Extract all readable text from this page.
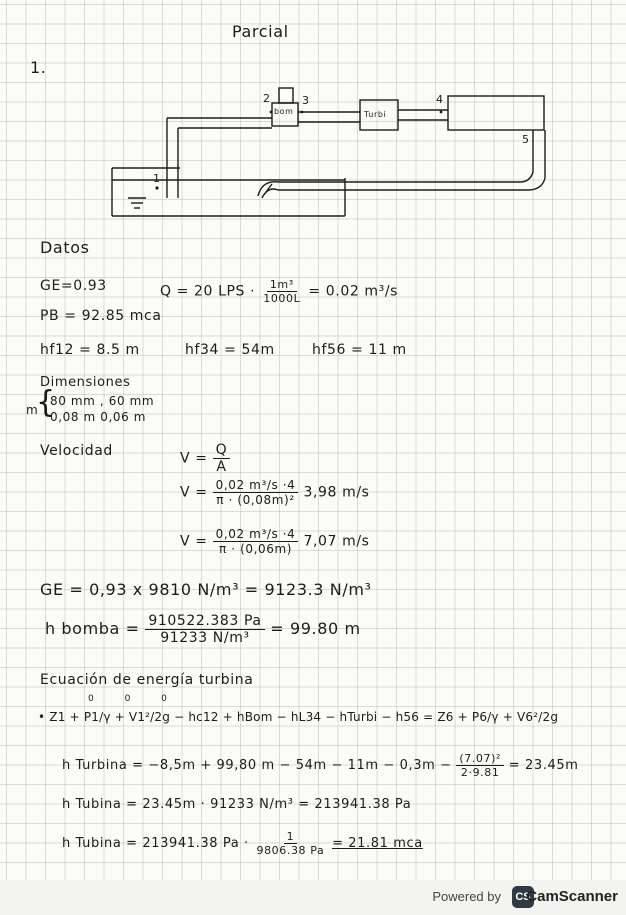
Parcial
1.
1
2	3	4
5
bom	Turbi
Datos
GE=0.93	Q = 20 LPS · $\frac{\text{1m³}}{1000L} = 0.02$ m³/s
PB = 92.85 mca
hf12 = 8.5 m	hf34 = 54m	hf56 = 11 m
Dimensiones
m
{
80 mm , 60 mm
0,08 m 0,06 m
Velocidad	$V = \frac{Q}{A}$
$V = \frac{\text{0,02 m³/s ·4}}{\text{π · (0,08m)²}} 3,98$ m/s
$V = \frac{\text{0,02 m³/s ·4}}{\pi \cdot (0,06m)} 7,07$ m/s
GE = 0,93 x 9810 N/m³ = 9123.3 N/m³
h bomba = $\frac{910522.383 Pa}{\text{91233 N/m³}} = 99.80$ m
Ecuación de energía turbina
0 0 0
• Z1 + P1/γ + V1²/2g − hc12 + hBom − hL34 − hTurbi − h56 = Z6 + P6/γ + V6²/2g
h Turbina = −8,5m + 99,80 $m - 54m - 11m - 0,3m - \frac{\text{(7.07)²}}{2\cdot 9.81} = 23.45m$
h Tubina = 23.45m · 91233 N/m³ = 213941.38 Pa
h Tubina = 213941.38 $Pa \cdot \frac{1}{9806.38 Pa} = 21.81$ mca
Powered by	CS
CamScanner
